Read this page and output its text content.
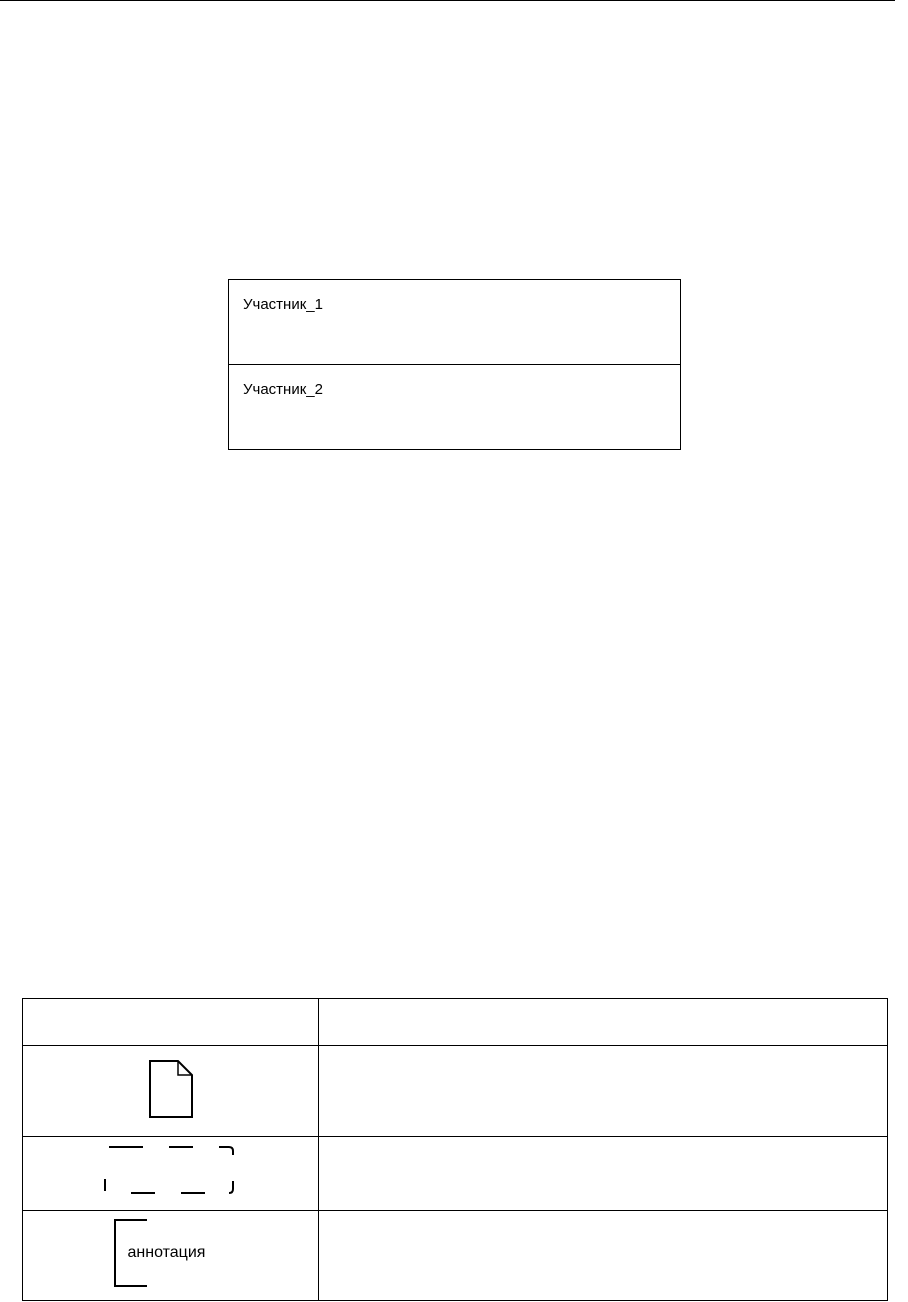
Участник_1
Участник_2

аннотация	
